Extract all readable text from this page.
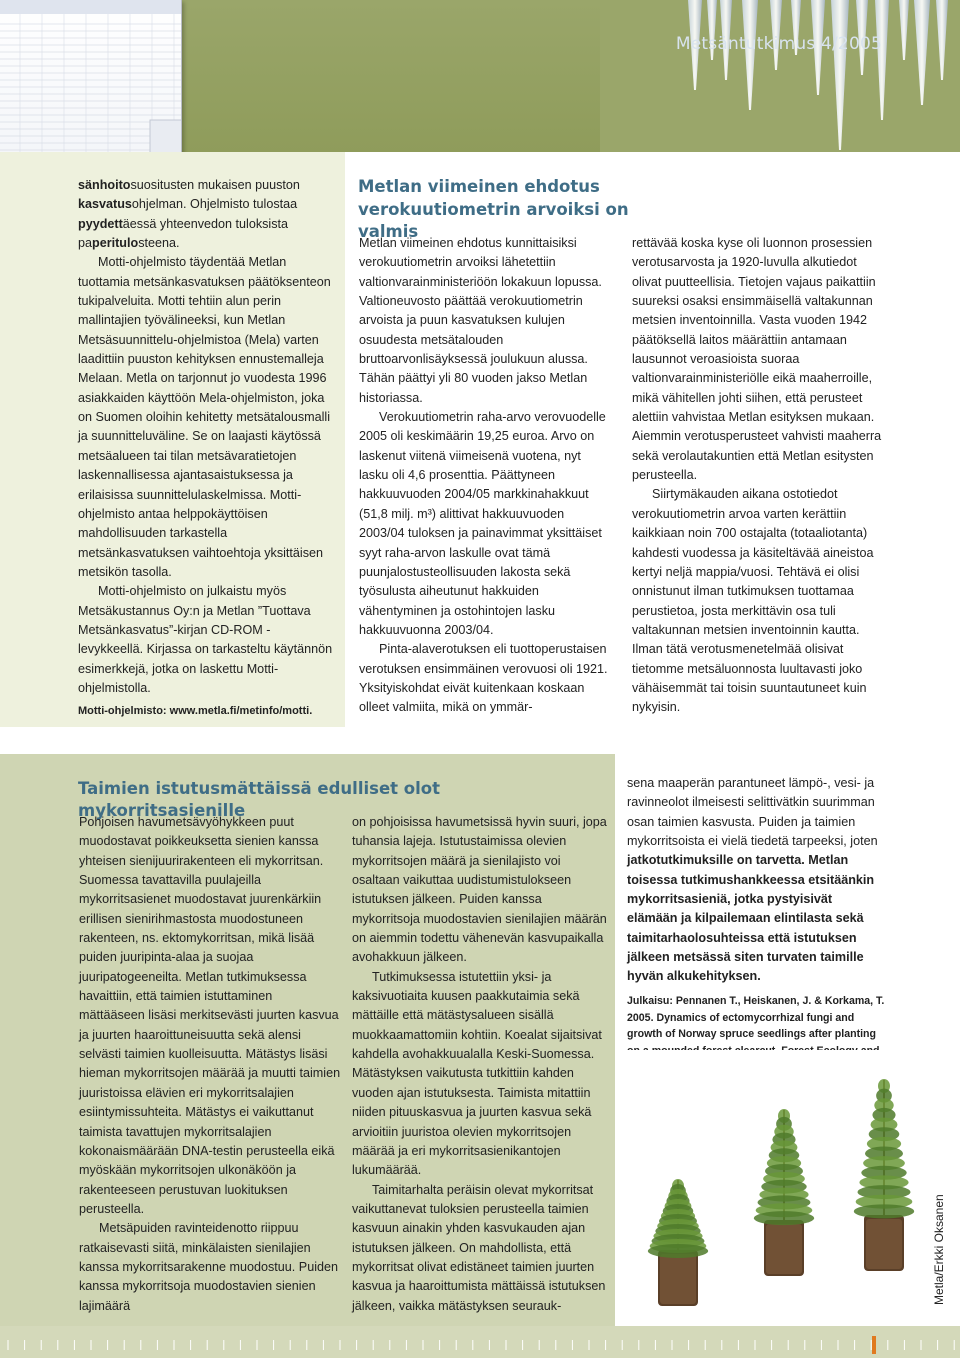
Metsäntutkimus 4/2005

sänhoitosuositusten mukaisen puuston kasvatusohjelman. Ohjelmisto tulostaa pyydettäessä yhteenvedon tuloksista paperitulosteena.

Motti-ohjelmisto täydentää Metlan tuottamia metsänkasvatuksen päätöksenteon tukipalveluita. Motti tehtiin alun perin mallintajien työvälineeksi, kun Metlan Metsäsuunnittelu-ohjelmistoa (Mela) varten laadittiin puuston kehityksen ennustemalleja Melaan. Metla on tarjonnut jo vuodesta 1996 asiakkaiden käyttöön Mela-ohjelmiston, joka on Suomen oloihin kehitetty metsätalousmalli ja suunnitteluväline. Se on laajasti käytössä metsäalueen tai tilan metsävaratietojen laskennallisessa ajantasaistuksessa ja erilaisissa suunnittelulaskelmissa. Motti-ohjelmisto antaa helppokäyttöisen mahdollisuuden tarkastella metsänkasvatuksen vaihtoehtoja yksittäisen metsikön tasolla.

Motti-ohjelmisto on julkaistu myös Metsäkustannus Oy:n ja Metlan ”Tuottava Metsänkasvatus”-kirjan CD-ROM -levykkeellä. Kirjassa on tarkasteltu käytännön esimerkkejä, jotka on laskettu Motti-ohjelmistolla.

Motti-ohjelmisto: www.metla.fi/metinfo/motti.

Metlan viimeinen ehdotus verokuutiometrin arvoiksi on valmis

Metlan viimeinen ehdotus kunnittaisiksi verokuutiometrin arvoiksi lähetettiin valtionvarainministeriöön lokakuun lopussa. Valtioneuvosto päättää verokuutiometrin arvoista ja puun kasvatuksen kulujen osuudesta metsätalouden bruttoarvonlisäyksessä joulukuun alussa. Tähän päättyi yli 80 vuoden jakso Metlan historiassa.

Verokuutiometrin raha-arvo verovuodelle 2005 oli keskimäärin 19,25 euroa. Arvo on laskenut viitenä viimeisenä vuotena, nyt lasku oli 4,6 prosenttia. Päättyneen hakkuuvuoden 2004/05 markkinahakkuut (51,8 milj. m³) alittivat hakkuuvuoden 2003/04 tuloksen ja painavimmat yksittäiset syyt raha-arvon laskulle ovat tämä puunjalostusteollisuuden lakosta sekä työsulusta aiheutunut hakkuiden vähentyminen ja ostohintojen lasku hakkuuvuonna 2003/04.

Pinta-alaverotuksen eli tuottoperustaisen verotuksen ensimmäinen verovuosi oli 1921. Yksityiskohdat eivät kuitenkaan koskaan olleet valmiita, mikä on ymmär-

rettävää koska kyse oli luonnon prosessien verotusarvosta ja 1920-luvulla alkutiedot olivat puutteellisia. Tietojen vajaus paikattiin suureksi osaksi ensimmäisellä valtakunnan metsien inventoinnilla. Vasta vuoden 1942 päätöksellä laitos määrättiin antamaan lausunnot veroasioista suoraa valtionvarainministeriölle eikä maaherroille, mikä vähitellen johti siihen, että perusteet alettiin vahvistaa Metlan esityksen mukaan. Aiemmin verotusperusteet vahvisti maaherra sekä verolautakuntien että Metlan esitysten perusteella.

Siirtymäkauden aikana ostotiedot verokuutiometrin arvoa varten kerättiin kaikkiaan noin 700 ostajalta (totaaliotanta) kahdesti vuodessa ja käsiteltävää aineistoa kertyi neljä mappia/vuosi. Tehtävä ei olisi onnistunut ilman tutkimuksen tuottamaa perustietoa, josta merkittävin osa tuli valtakunnan metsien inventoinnin kautta. Ilman tätä verotusmenetelmää olisivat tietomme metsäluonnosta luultavasti joko vähäisemmät tai toisin suuntautuneet kuin nykyisin.

Taimien istutusmättäissä edulliset olot mykorritsasienille

Pohjoisen havumetsävyöhykkeen puut muodostavat poikkeuksetta sienien kanssa yhteisen sienijuurirakenteen eli mykorritsan. Suomessa tavattavilla puulajeilla mykorritsasienet muodostavat juurenkärkiin erillisen sienirihmastosta muodostuneen rakenteen, ns. ektomykorritsan, mikä lisää puiden juuripinta-alaa ja suojaa juuripatogeeneilta. Metlan tutkimuksessa havaittiin, että taimien istuttaminen mättääseen lisäsi merkitsevästi juurten kasvua ja juurten haaroittuneisuutta sekä alensi selvästi taimien kuolleisuutta. Mätästys lisäsi hieman mykorritsojen määrää ja muutti taimien juuristoissa elävien eri mykorritsalajien esiintymissuhteita. Mätästys ei vaikuttanut taimista tavattujen mykorritsalajien kokonaismäärään DNA-testin perusteella eikä myöskään mykorritsojen ulkonäköön ja rakenteeseen perustuvan luokituksen perusteella.

Metsäpuiden ravinteidenotto riippuu ratkaisevasti siitä, minkälaisten sienilajien kanssa mykorritsarakenne muodostuu. Puiden kanssa mykorritsoja muodostavien sienien lajimäärä

on pohjoisissa havumetsissä hyvin suuri, jopa tuhansia lajeja. Istutustaimissa olevien mykorritsojen määrä ja sienilajisto voi osaltaan vaikuttaa uudistumistulokseen istutuksen jälkeen. Puiden kanssa mykorritsoja muodostavien sienilajien määrän on aiemmin todettu vähenevän kasvupaikalla avohakkuun jälkeen.

Tutkimuksessa istutettiin yksi- ja kaksivuotiaita kuusen paakkutaimia sekä mättäille että mätästysalueen sisällä muokkaamattomiin kohtiin. Koealat sijaitsivat kahdella avohakkuualalla Keski-Suomessa. Mätästyksen vaikutusta tutkittiin kahden vuoden ajan istutuksesta. Taimista mitattiin niiden pituuskasvua ja juurten kasvua sekä arvioitiin juuristoa olevien mykorritsojen määrää ja eri mykorritsasienikantojen lukumäärää.

Taimitarhalta peräisin olevat mykorritsat vaikuttanevat tuloksien perusteella taimien kasvuun ainakin yhden kasvukauden ajan istutuksen jälkeen. On mahdollista, että mykorritsat olivat edistäneet taimien juurten kasvua ja haaroittumista mättäissä istutuksen jälkeen, vaikka mätästyksen seurauk-

sena maaperän parantuneet lämpö-, vesi- ja ravinneolot ilmeisesti selittivätkin suurimman osan taimien kasvusta. Puiden ja taimien mykorritsoista ei vielä tiedetä tarpeeksi, joten jatkotutkimuksille on tarvetta. Metlan toisessa tutkimushankkeessa etsitäänkin mykorritsasieniä, jotka pystyisivät elämään ja kilpailemaan elintilasta sekä taimitarhaolosuhteissa että istutuksen jälkeen metsässä siten turvaten taimille hyvän alkukehityksen.

Julkaisu: Pennanen T., Heiskanen, J. & Korkama, T. 2005. Dynamics of ectomycorrhizal fungi and growth of Norway spruce seedlings after planting

7	Metla/Erkki Oksanen
